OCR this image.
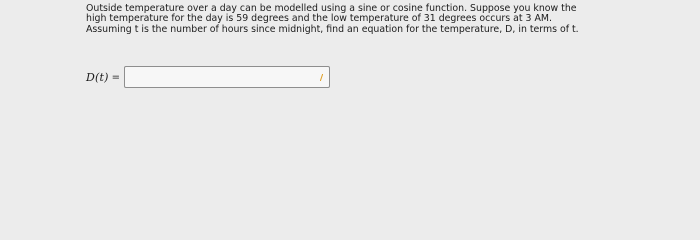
Outside temperature over a day can be modelled using a sine or cosine function. Suppose you know the

high temperature for the day is 59 degrees and the low temperature of 31 degrees occurs at 3 AM.

Assuming t is the number of hours since midnight, find an equation for the temperature, D, in terms of t.

D(t) =
